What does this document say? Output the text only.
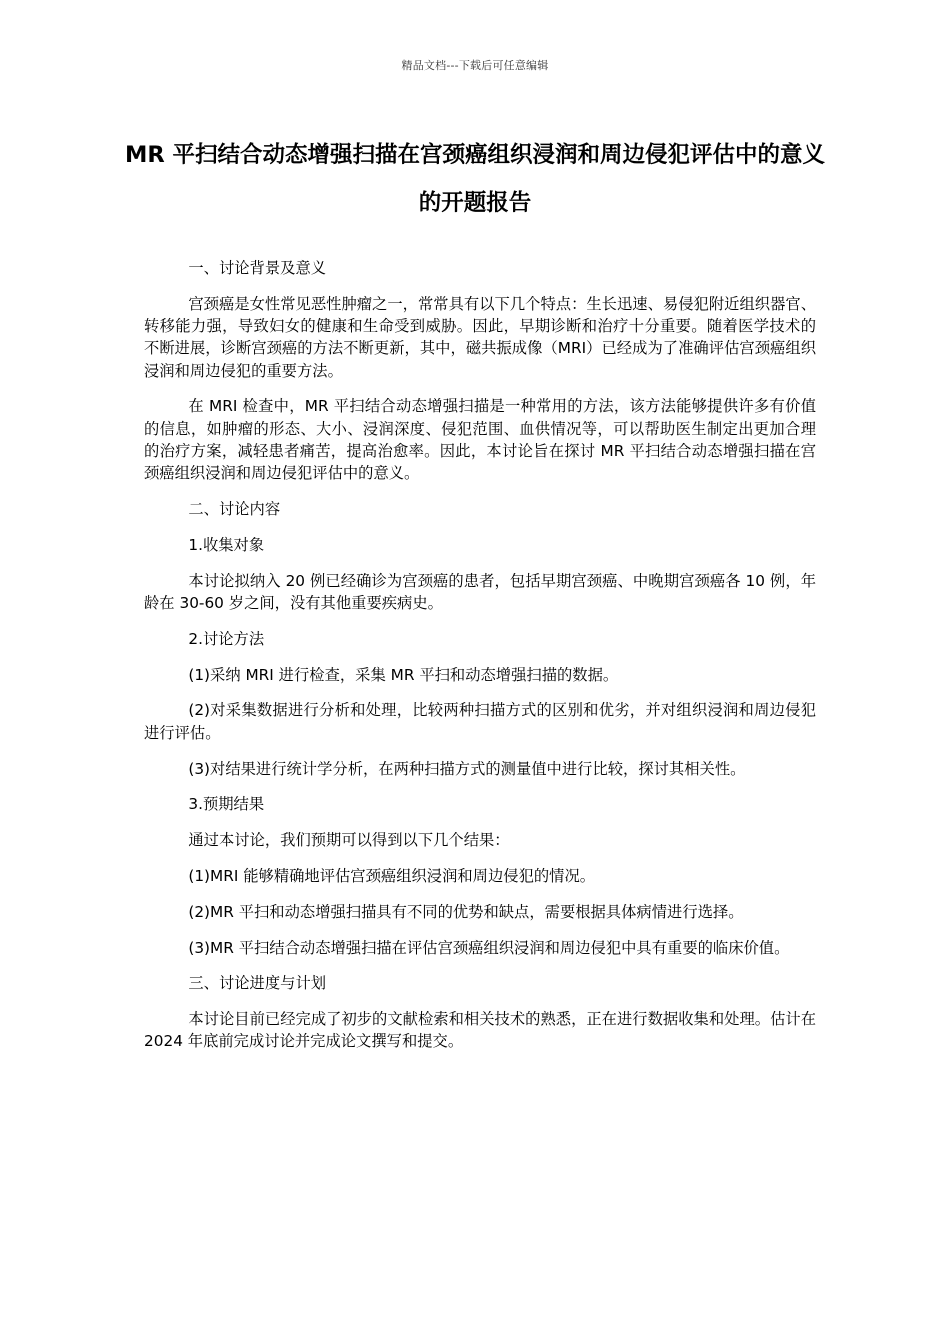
精品文档---下载后可任意编辑
MR 平扫结合动态增强扫描在宫颈癌组织浸润和周边侵犯评估中的意义的开题报告

一、讨论背景及意义

宫颈癌是女性常见恶性肿瘤之一，常常具有以下几个特点：生长迅速、易侵犯附近组织器官、转移能力强，导致妇女的健康和生命受到威胁。因此，早期诊断和治疗十分重要。随着医学技术的不断进展，诊断宫颈癌的方法不断更新，其中，磁共振成像（MRI）已经成为了准确评估宫颈癌组织浸润和周边侵犯的重要方法。

在 MRI 检查中，MR 平扫结合动态增强扫描是一种常用的方法，该方法能够提供许多有价值的信息，如肿瘤的形态、大小、浸润深度、侵犯范围、血供情况等，可以帮助医生制定出更加合理的治疗方案，减轻患者痛苦，提高治愈率。因此，本讨论旨在探讨 MR 平扫结合动态增强扫描在宫颈癌组织浸润和周边侵犯评估中的意义。

二、讨论内容

1.收集对象

本讨论拟纳入 20 例已经确诊为宫颈癌的患者，包括早期宫颈癌、中晚期宫颈癌各 10 例，年龄在 30-60 岁之间，没有其他重要疾病史。

2.讨论方法

(1)采纳 MRI 进行检查，采集 MR 平扫和动态增强扫描的数据。

(2)对采集数据进行分析和处理，比较两种扫描方式的区别和优劣，并对组织浸润和周边侵犯进行评估。

(3)对结果进行统计学分析，在两种扫描方式的测量值中进行比较，探讨其相关性。

3.预期结果

通过本讨论，我们预期可以得到以下几个结果：

(1)MRI 能够精确地评估宫颈癌组织浸润和周边侵犯的情况。

(2)MR 平扫和动态增强扫描具有不同的优势和缺点，需要根据具体病情进行选择。

(3)MR 平扫结合动态增强扫描在评估宫颈癌组织浸润和周边侵犯中具有重要的临床价值。

三、讨论进度与计划

本讨论目前已经完成了初步的文献检索和相关技术的熟悉，正在进行数据收集和处理。估计在 2024 年底前完成讨论并完成论文撰写和提交。
